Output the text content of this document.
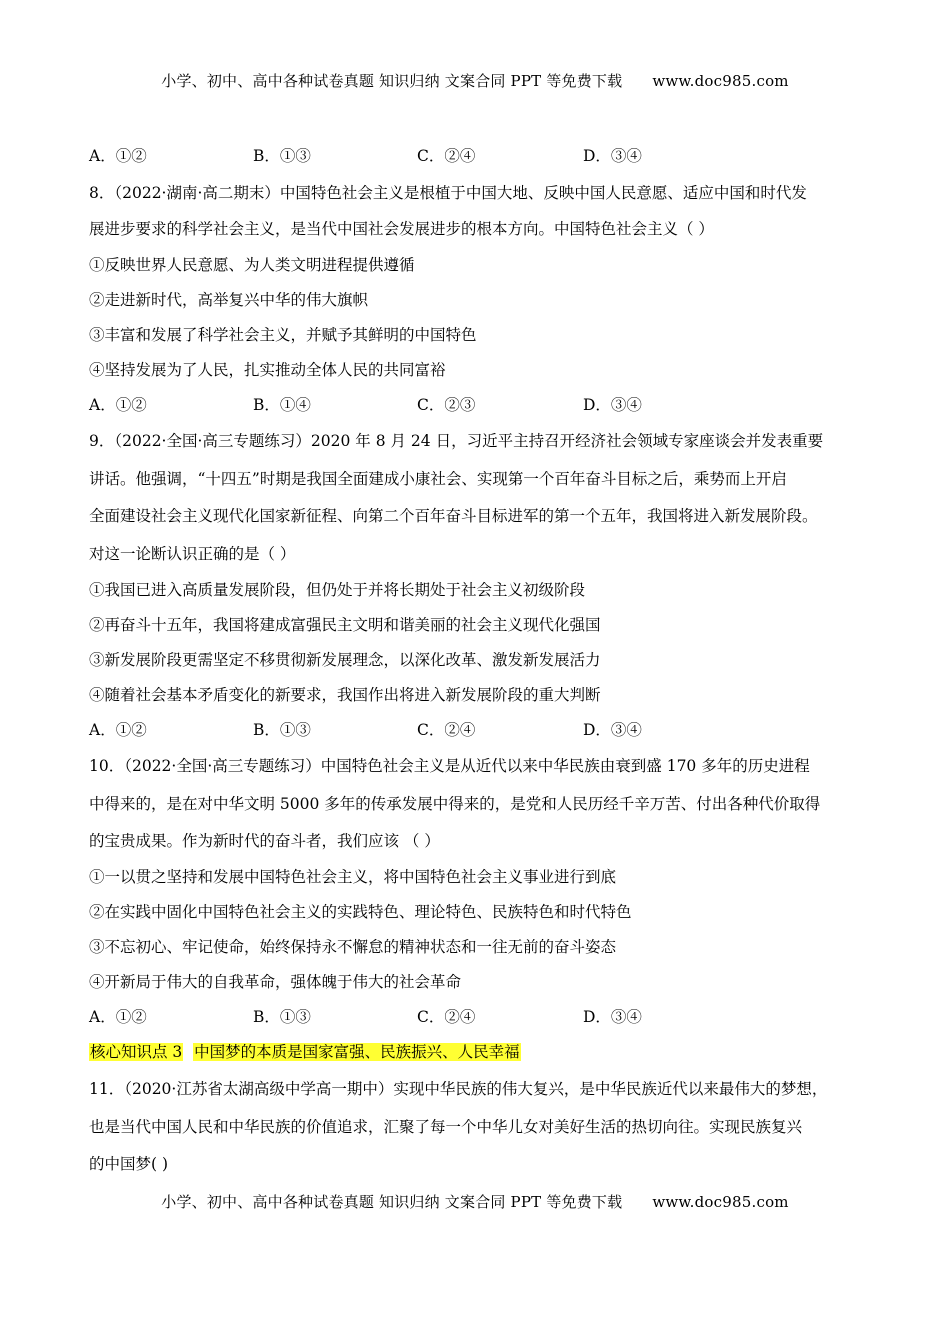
小学、初中、高中各种试卷真题 知识归纳 文案合同 PPT 等免费下载 www.doc985.com
A．①②	B．①③	C．②④	D．③④
8．（2022·湖南·高二期末）中国特色社会主义是根植于中国大地、反映中国人民意愿、适应中国和时代发
展进步要求的科学社会主义，是当代中国社会发展进步的根本方向。中国特色社会主义（ ）
①反映世界人民意愿、为人类文明进程提供遵循
②走进新时代，高举复兴中华的伟大旗帜
③丰富和发展了科学社会主义，并赋予其鲜明的中国特色
④坚持发展为了人民，扎实推动全体人民的共同富裕
A．①②	B．①④	C．②③	D．③④
9．（2022·全国·高三专题练习）2020 年 8 月 24 日，习近平主持召开经济社会领域专家座谈会并发表重要
讲话。他强调，“十四五”时期是我国全面建成小康社会、实现第一个百年奋斗目标之后，乘势而上开启
全面建设社会主义现代化国家新征程、向第二个百年奋斗目标进军的第一个五年，我国将进入新发展阶段。
对这一论断认识正确的是（ ）
①我国已进入高质量发展阶段，但仍处于并将长期处于社会主义初级阶段
②再奋斗十五年，我国将建成富强民主文明和谐美丽的社会主义现代化强国
③新发展阶段更需坚定不移贯彻新发展理念，以深化改革、激发新发展活力
④随着社会基本矛盾变化的新要求，我国作出将进入新发展阶段的重大判断
A．①②	B．①③	C．②④	D．③④
10．（2022·全国·高三专题练习）中国特色社会主义是从近代以来中华民族由衰到盛 170 多年的历史进程
中得来的，是在对中华文明 5000 多年的传承发展中得来的，是党和人民历经千辛万苦、付出各种代价取得
的宝贵成果。作为新时代的奋斗者，我们应该 （ ）
①一以贯之坚持和发展中国特色社会主义，将中国特色社会主义事业进行到底
②在实践中固化中国特色社会主义的实践特色、理论特色、民族特色和时代特色
③不忘初心、牢记使命，始终保持永不懈怠的精神状态和一往无前的奋斗姿态
④开新局于伟大的自我革命，强体魄于伟大的社会革命
A．①②	B．①③	C．②④	D．③④
核心知识点 3 中国梦的本质是国家富强、民族振兴、人民幸福
11．（2020·江苏省太湖高级中学高一期中）实现中华民族的伟大复兴，是中华民族近代以来最伟大的梦想，
也是当代中国人民和中华民族的价值追求，汇聚了每一个中华儿女对美好生活的热切向往。实现民族复兴
的中国梦( )
小学、初中、高中各种试卷真题 知识归纳 文案合同 PPT 等免费下载 www.doc985.com
